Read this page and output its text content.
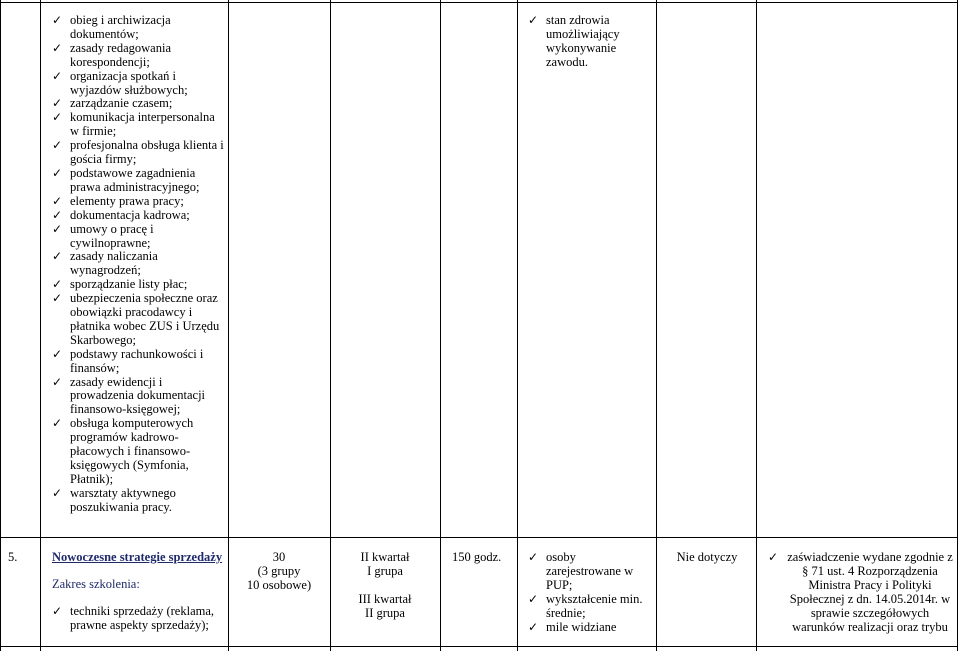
✓ obieg i archiwizacja dokumentów;
✓ zasady redagowania korespondencji;
✓ organizacja spotkań i wyjazdów służbowych;
✓ zarządzanie czasem;
✓ komunikacja interpersonalna w firmie;
✓ profesjonalna obsługa klienta i gościa firmy;
✓ podstawowe zagadnienia prawa administracyjnego;
✓ elementy prawa pracy;
✓ dokumentacja kadrowa;
✓ umowy o pracę i cywilnoprawne;
✓ zasady naliczania wynagrodzeń;
✓ sporządzanie listy płac;
✓ ubezpieczenia społeczne oraz obowiązki pracodawcy i płatnika wobec ZUS i Urzędu Skarbowego;
✓ podstawy rachunkowości i finansów;
✓ zasady ewidencji i prowadzenia dokumentacji finansowo-księgowej;
✓ obsługa komputerowych programów kadrowo-płacowych i finansowo-księgowych (Symfonia, Płatnik);
✓ warsztaty aktywnego poszukiwania pracy.
✓ stan zdrowia umożliwiający wykonywanie zawodu.
5.	Nowoczesne strategie sprzedaży
Zakres szkolenia:
✓ techniki sprzedaży (reklama, prawne aspekty sprzedaży);
30
(3 grupy
10 osobowe)
II kwartał
I grupa
III kwartał
II grupa
150 godz. ✓ osoby zarejestrowane w PUP;
✓ wykształcenie min. średnie;
✓ mile widziane
Nie dotyczy	✓ zaświadczenie wydane zgodnie z § 71 ust. 4 Rozporządzenia Ministra Pracy i Polityki Społecznej z dn. 14.05.2014r. w sprawie szczegółowych warunków realizacji oraz trybu
